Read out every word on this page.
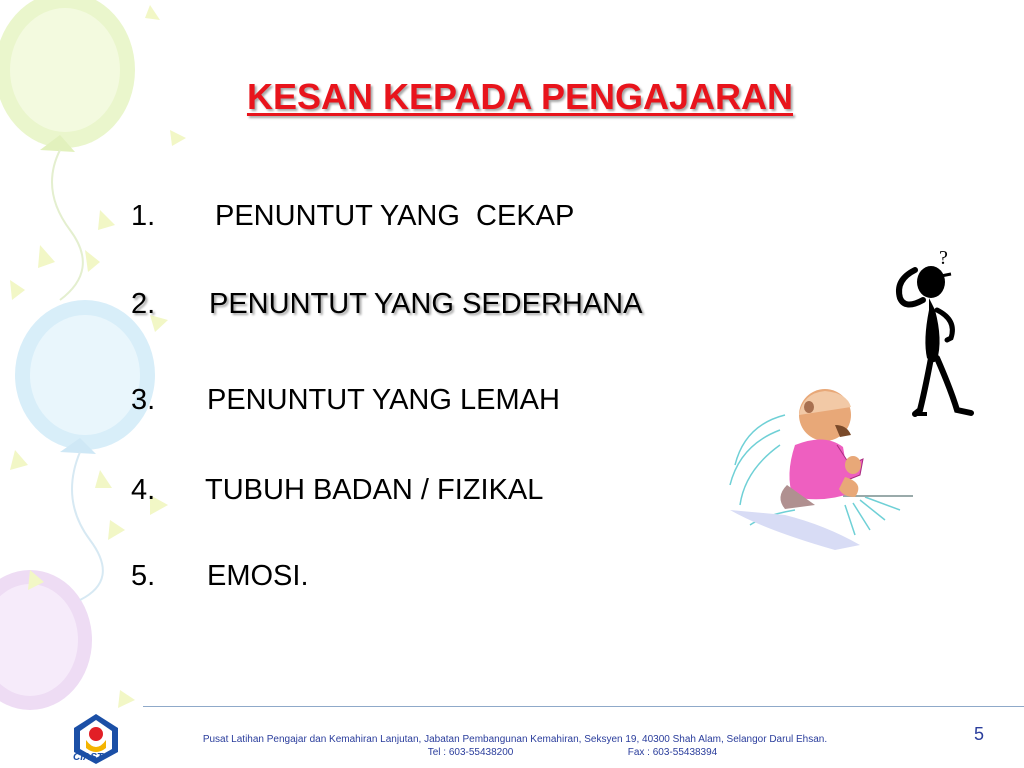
KESAN KEPADA PENGAJARAN

1. PENUNTUT YANG  CEKAP

2. PENUNTUT YANG SEDERHANA

3. PENUNTUT YANG LEMAH

4. TUBUH BADAN / FIZIKAL

5. EMOSI.

?
CIAST
Pusat Latihan Pengajar dan Kemahiran Lanjutan, Jabatan Pembangunan Kemahiran, Seksyen 19, 40300 Shah Alam, Selangor Darul Ehsan.
Tel : 603-55438200	Fax : 603-55438394
5
